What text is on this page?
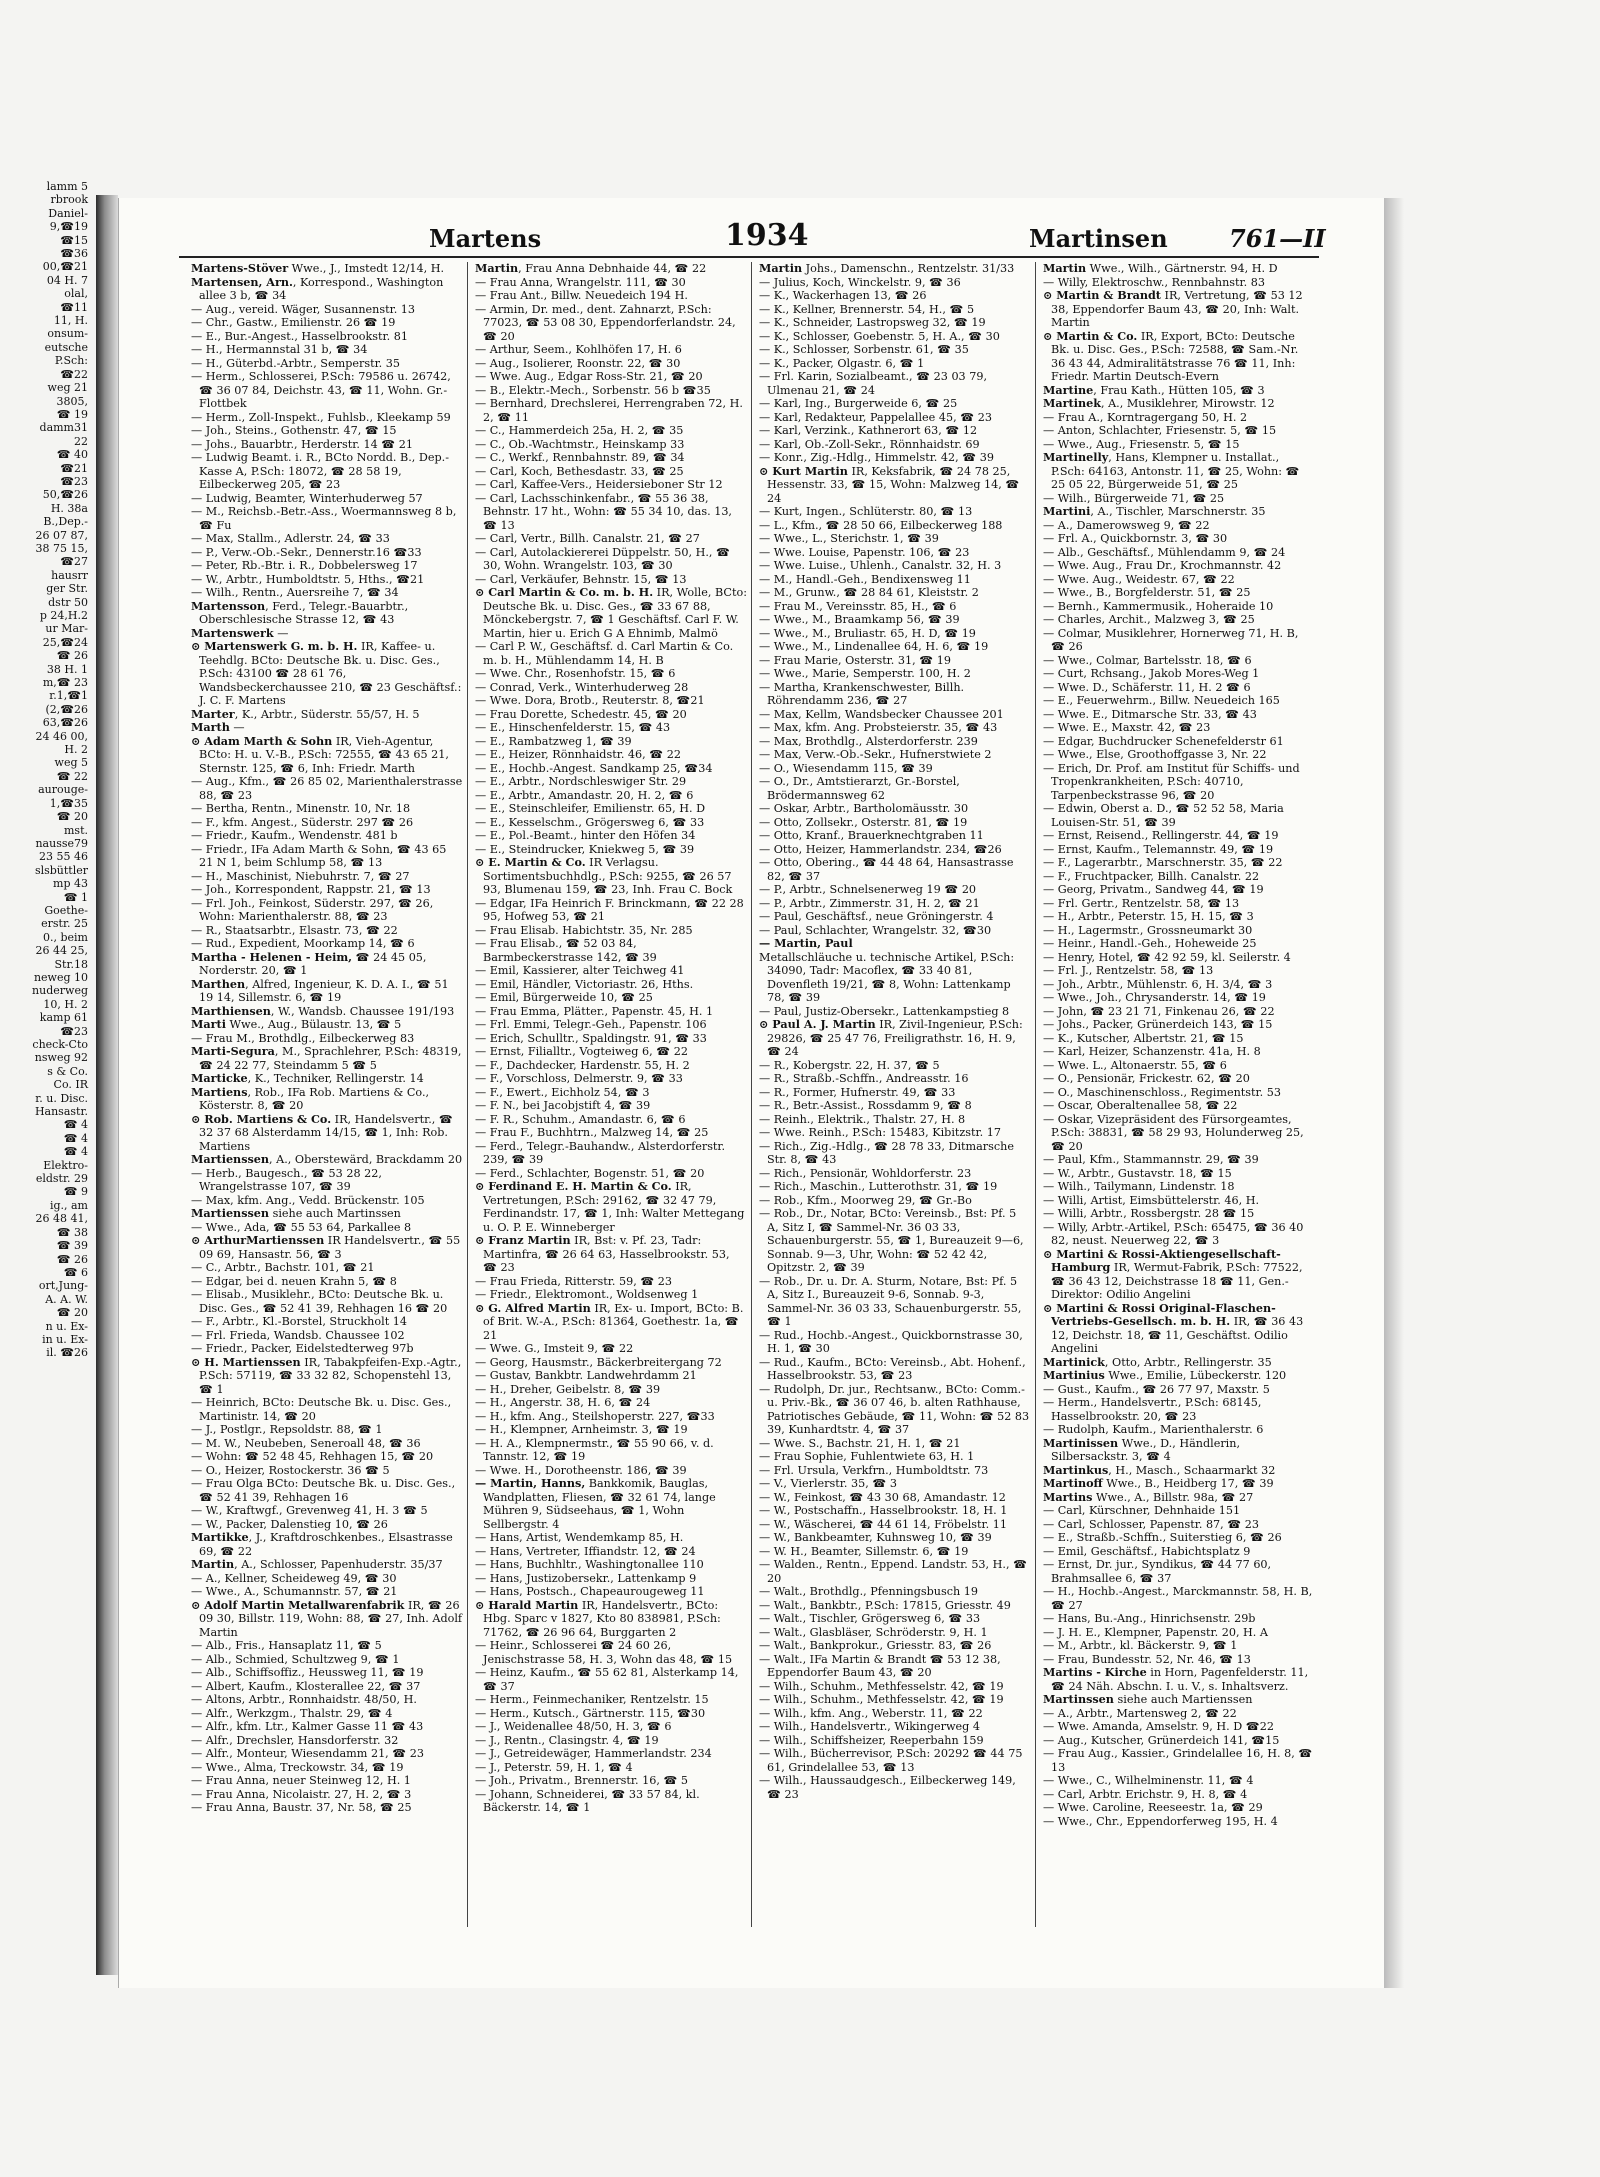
lamm 5
rbrook
Daniel-
9,☎19
☎15
☎36
00,☎21
04 H. 7
olal,
☎11
11, H.
onsum-
eutsche
P.Sch:
☎22
weg 21
3805,
☎ 19
damm31
22
☎ 40
☎21
☎23
50,☎26
H. 38a
B.,Dep.-
26 07 87,
38 75 15,
☎27
hausrr
ger Str.
dstr 50
p 24,H.2
ur Mar-
25,☎24
☎ 26
38 H. 1
m,☎ 23
r.1,☎1
(2,☎26
63,☎26
24 46 00,
H. 2
weg 5
☎ 22
aurouge-
1,☎35
☎ 20
mst.
nausse79
23 55 46
slsbüttler
mp 43
☎ 1
Goethe-
erstr. 25
0., beim
26 44 25,
Str.18
neweg 10
nuderweg
10, H. 2
kamp 61
☎23
check-Cto
nsweg 92
s & Co.
Co. IR
r. u. Disc.
Hansastr.
☎ 4
☎ 4
☎ 4
Elektro-
eldstr. 29
☎ 9
ig., am
26 48 41,
☎ 38
☎ 39
☎ 26
☎ 6
ort,Jung-
A. A. W.
☎ 20
n u. Ex-
in u. Ex-
il. ☎26
Martens	1934	Martinsen	761—II

Martens-Stöver Wwe., J., Imstedt 12/14, H.

Martensen, Arn., Korrespond., Washington allee 3 b, ☎ 34

— Aug., vereid. Wäger, Susannenstr. 13

— Chr., Gastw., Emilienstr. 26 ☎ 19

— E., Bur.-Angest., Hasselbrookstr. 81

— H., Hermannstal 31 b, ☎ 34

— H., Güterbd.-Arbtr., Semperstr. 35

— Herm., Schlosserei, P.Sch: 79586 u. 26742, ☎ 36 07 84, Deichstr. 43, ☎ 11, Wohn. Gr.-Flottbek

— Herm., Zoll-Inspekt., Fuhlsb., Kleekamp 59

— Joh., Steins., Gothenstr. 47, ☎ 15

— Johs., Bauarbtr., Herderstr. 14 ☎ 21

— Ludwig Beamt. i. R., BCto Nordd. B., Dep.-Kasse A, P.Sch: 18072, ☎ 28 58 19, Eilbeckerweg 205, ☎ 23

— Ludwig, Beamter, Winterhuderweg 57

— M., Reichsb.-Betr.-Ass., Woermannsweg 8 b, ☎ Fu

— Max, Stallm., Adlerstr. 24, ☎ 33

— P., Verw.-Ob.-Sekr., Dennerstr.16 ☎33

— Peter, Rb.-Btr. i. R., Dobbelersweg 17

— W., Arbtr., Humboldtstr. 5, Hths., ☎21

— Wilh., Rentn., Auersreihe 7, ☎ 34

Martensson, Ferd., Telegr.-Bauarbtr., Oberschlesische Strasse 12, ☎ 43

Martenswerk —

⊙ Martenswerk G. m. b. H. IR, Kaffee- u. Teehdlg. BCto: Deutsche Bk. u. Disc. Ges., P.Sch: 43100 ☎ 28 61 76, Wandsbeckerchaussee 210, ☎ 23 Geschäftsf.: J. C. F. Martens

Marter, K., Arbtr., Süderstr. 55/57, H. 5

Marth —

⊙ Adam Marth & Sohn IR, Vieh-Agentur, BCto: H. u. V.-B., P.Sch: 72555, ☎ 43 65 21, Sternstr. 125, ☎ 6, Inh: Friedr. Marth

— Aug., Kfm., ☎ 26 85 02, Marienthalerstrasse 88, ☎ 23

— Bertha, Rentn., Minenstr. 10, Nr. 18

— F., kfm. Angest., Süderstr. 297 ☎ 26

— Friedr., Kaufm., Wendenstr. 481 b

— Friedr., IFa Adam Marth & Sohn, ☎ 43 65 21 N 1, beim Schlump 58, ☎ 13

— H., Maschinist, Niebuhrstr. 7, ☎ 27

— Joh., Korrespondent, Rappstr. 21, ☎ 13

— Frl. Joh., Feinkost, Süderstr. 297, ☎ 26, Wohn: Marienthalerstr. 88, ☎ 23

— R., Staatsarbtr., Elsastr. 73, ☎ 22

— Rud., Expedient, Moorkamp 14, ☎ 6

Martha - Helenen - Heim, ☎ 24 45 05, Norderstr. 20, ☎ 1

Marthen, Alfred, Ingenieur, K. D. A. I., ☎ 51 19 14, Sillemstr. 6, ☎ 19

Marthiensen, W., Wandsb. Chaussee 191/193

Marti Wwe., Aug., Bülaustr. 13, ☎ 5

— Frau M., Brothdlg., Eilbeckerweg 83

Marti-Segura, M., Sprachlehrer, P.Sch: 48319, ☎ 24 22 77, Steindamm 5 ☎ 5

Marticke, K., Techniker, Rellingerstr. 14

Martiens, Rob., IFa Rob. Martiens & Co., Kösterstr. 8, ☎ 20

⊙ Rob. Martiens & Co. IR, Handelsvertr., ☎ 32 37 68 Alsterdamm 14/15, ☎ 1, Inh: Rob. Martiens

Martienssen, A., Oberstewärd, Brackdamm 20

— Herb., Baugesch., ☎ 53 28 22, Wrangelstrasse 107, ☎ 39

— Max, kfm. Ang., Vedd. Brückenstr. 105

Martienssen siehe auch Martinssen

— Wwe., Ada, ☎ 55 53 64, Parkallee 8

⊙ ArthurMartienssen IR Handelsvertr., ☎ 55 09 69, Hansastr. 56, ☎ 3

— C., Arbtr., Bachstr. 101, ☎ 21

— Edgar, bei d. neuen Krahn 5, ☎ 8

— Elisab., Musiklehr., BCto: Deutsche Bk. u. Disc. Ges., ☎ 52 41 39, Rehhagen 16 ☎ 20

— F., Arbtr., Kl.-Borstel, Struckholt 14

— Frl. Frieda, Wandsb. Chaussee 102

— Friedr., Packer, Eidelstedterweg 97b

⊙ H. Martienssen IR, Tabakpfeifen-Exp.-Agtr., P.Sch: 57119, ☎ 33 32 82, Schopenstehl 13, ☎ 1

— Heinrich, BCto: Deutsche Bk. u. Disc. Ges., Martinistr. 14, ☎ 20

— J., Postlgr., Repsoldstr. 88, ☎ 1

— M. W., Neubeben, Seneroall 48, ☎ 36

— Wohn: ☎ 52 48 45, Rehhagen 15, ☎ 20

— O., Heizer, Rostockerstr. 36 ☎ 5

— Frau Olga BCto: Deutsche Bk. u. Disc. Ges., ☎ 52 41 39, Rehhagen 16

— W., Kraftwgf., Grevenweg 41, H. 3 ☎ 5

— W., Packer, Dalenstieg 10, ☎ 26

Martikke, J., Kraftdroschkenbes., Elsastrasse 69, ☎ 22

Martin, A., Schlosser, Papenhuderstr. 35/37

— A., Kellner, Scheideweg 49, ☎ 30

— Wwe., A., Schumannstr. 57, ☎ 21

⊙ Adolf Martin Metallwarenfabrik IR, ☎ 26 09 30, Billstr. 119, Wohn: 88, ☎ 27, Inh. Adolf Martin

— Alb., Fris., Hansaplatz 11, ☎ 5

— Alb., Schmied, Schultzweg 9, ☎ 1

— Alb., Schiffsoffiz., Heussweg 11, ☎ 19

— Albert, Kaufm., Klosterallee 22, ☎ 37

— Altons, Arbtr., Ronnhaidstr. 48/50, H.

— Alfr., Werkzgm., Thalstr. 29, ☎ 4

— Alfr., kfm. Ltr., Kalmer Gasse 11 ☎ 43

— Alfr., Drechsler, Hansdorferstr. 32

— Alfr., Monteur, Wiesendamm 21, ☎ 23

— Wwe., Alma, Treckowstr. 34, ☎ 19

— Frau Anna, neuer Steinweg 12, H. 1

— Frau Anna, Nicolaistr. 27, H. 2, ☎ 3

— Frau Anna, Baustr. 37, Nr. 58, ☎ 25

Martin, Frau Anna Debnhaide 44, ☎ 22

— Frau Anna, Wrangelstr. 111, ☎ 30

— Frau Ant., Billw. Neuedeich 194 H.

— Armin, Dr. med., dent. Zahnarzt, P.Sch: 77023, ☎ 53 08 30, Eppendorferlandstr. 24, ☎ 20

— Arthur, Seem., Kohlhöfen 17, H. 6

— Aug., Isolierer, Roonstr. 22, ☎ 30

— Wwe. Aug., Edgar Ross-Str. 21, ☎ 20

— B., Elektr.-Mech., Sorbenstr. 56 b ☎35

— Bernhard, Drechslerei, Herrengraben 72, H. 2, ☎ 11

— C., Hammerdeich 25a, H. 2, ☎ 35

— C., Ob.-Wachtmstr., Heinskamp 33

— C., Werkf., Rennbahnstr. 89, ☎ 34

— Carl, Koch, Bethesdastr. 33, ☎ 25

— Carl, Kaffee-Vers., Heidersieboner Str 12

— Carl, Lachsschinkenfabr., ☎ 55 36 38, Behnstr. 17 ht., Wohn: ☎ 55 34 10, das. 13, ☎ 13

— Carl, Vertr., Billh. Canalstr. 21, ☎ 27

— Carl, Autolackiererei Düppelstr. 50, H., ☎ 30, Wohn. Wrangelstr. 103, ☎ 30

— Carl, Verkäufer, Behnstr. 15, ☎ 13

⊙ Carl Martin & Co. m. b. H. IR, Wolle, BCto: Deutsche Bk. u. Disc. Ges., ☎ 33 67 88, Mönckebergstr. 7, ☎ 1 Geschäftsf. Carl F. W. Martin, hier u. Erich G A Ehnimb, Malmö

— Carl P. W., Geschäftsf. d. Carl Martin & Co. m. b. H., Mühlendamm 14, H. B

— Wwe. Chr., Rosenhofstr. 15, ☎ 6

— Conrad, Verk., Winterhuderweg 28

— Wwe. Dora, Brotb., Reuterstr. 8, ☎21

— Frau Dorette, Schedestr. 45, ☎ 20

— E., Hinschenfelderstr. 15, ☎ 43

— E., Rambatzweg 1, ☎ 39

— E., Heizer, Rönnhaidstr. 46, ☎ 22

— E., Hochb.-Angest. Sandkamp 25, ☎34

— E., Arbtr., Nordschleswiger Str. 29

— E., Arbtr., Amandastr. 20, H. 2, ☎ 6

— E., Steinschleifer, Emilienstr. 65, H. D

— E., Kesselschm., Grögersweg 6, ☎ 33

— E., Pol.-Beamt., hinter den Höfen 34

— E., Steindrucker, Kniekweg 5, ☎ 39

⊙ E. Martin & Co. IR Verlagsu. Sortimentsbuchhdlg., P.Sch: 9255, ☎ 26 57 93, Blumenau 159, ☎ 23, Inh. Frau C. Bock

— Edgar, IFa Heinrich F. Brinckmann, ☎ 22 28 95, Hofweg 53, ☎ 21

— Frau Elisab. Habichtstr. 35, Nr. 285

— Frau Elisab., ☎ 52 03 84, Barmbeckerstrasse 142, ☎ 39

— Emil, Kassierer, alter Teichweg 41

— Emil, Händler, Victoriastr. 26, Hths.

— Emil, Bürgerweide 10, ☎ 25

— Frau Emma, Plätter., Papenstr. 45, H. 1

— Frl. Emmi, Telegr.-Geh., Papenstr. 106

— Erich, Schulltr., Spaldingstr. 91, ☎ 33

— Ernst, Filialltr., Vogteiweg 6, ☎ 22

— F., Dachdecker, Hardenstr. 55, H. 2

— F., Vorschloss, Delmerstr. 9, ☎ 33

— F., Ewert., Eichholz 54, ☎ 3

— F. N., bei Jacobjstift 4, ☎ 39

— F. R., Schuhm., Amandastr. 6, ☎ 6

— Frau F., Buchhtrn., Malzweg 14, ☎ 25

— Ferd., Telegr.-Bauhandw., Alsterdorferstr. 239, ☎ 39

— Ferd., Schlachter, Bogenstr. 51, ☎ 20

⊙ Ferdinand E. H. Martin & Co. IR, Vertretungen, P.Sch: 29162, ☎ 32 47 79, Ferdinandstr. 17, ☎ 1, Inh: Walter Mettegang u. O. P. E. Winneberger

⊙ Franz Martin IR, Bst: v. Pf. 23, Tadr: Martinfra, ☎ 26 64 63, Hasselbrookstr. 53, ☎ 23

— Frau Frieda, Ritterstr. 59, ☎ 23

— Friedr., Elektromont., Woldsenweg 1

⊙ G. Alfred Martin IR, Ex- u. Import, BCto: B. of Brit. W.-A., P.Sch: 81364, Goethestr. 1a, ☎ 21

— Wwe. G., Imsteit 9, ☎ 22

— Georg, Hausmstr., Bäckerbreitergang 72

— Gustav, Bankbtr. Landwehrdamm 21

— H., Dreher, Geibelstr. 8, ☎ 39

— H., Angerstr. 38, H. 6, ☎ 24

— H., kfm. Ang., Steilshoperstr. 227, ☎33

— H., Klempner, Arnheimstr. 3, ☎ 19

— H. A., Klempnermstr., ☎ 55 90 66, v. d. Tannstr. 12, ☎ 19

— Wwe. H., Dorotheenstr. 186, ☎ 39

— Martin, Hanns, Bankkomik, Bauglas, Wandplatten, Fliesen, ☎ 32 61 74, lange Mühren 9, Südseehaus, ☎ 1, Wohn Sellbergstr. 4

— Hans, Artist, Wendemkamp 85, H.

— Hans, Vertreter, Iffiandstr. 12, ☎ 24

— Hans, Buchhltr., Washingtonallee 110

— Hans, Justizobersekr., Lattenkamp 9

— Hans, Postsch., Chapeaurougeweg 11

⊙ Harald Martin IR, Handelsvertr., BCto: Hbg. Sparc v 1827, Kto 80 838981, P.Sch: 71762, ☎ 26 96 64, Burggarten 2

— Heinr., Schlosserei ☎ 24 60 26, Jenischstrasse 58, H. 3, Wohn das 48, ☎ 15

— Heinz, Kaufm., ☎ 55 62 81, Alsterkamp 14, ☎ 37

— Herm., Feinmechaniker, Rentzelstr. 15

— Herm., Kutsch., Gärtnerstr. 115, ☎30

— J., Weidenallee 48/50, H. 3, ☎ 6

— J., Rentn., Clasingstr. 4, ☎ 19

— J., Getreidewäger, Hammerlandstr. 234

— J., Peterstr. 59, H. 1, ☎ 4

— Joh., Privatm., Brennerstr. 16, ☎ 5

— Johann, Schneiderei, ☎ 33 57 84, kl. Bäckerstr. 14, ☎ 1

Martin Johs., Damenschn., Rentzelstr. 31/33

— Julius, Koch, Winckelstr. 9, ☎ 36

— K., Wackerhagen 13, ☎ 26

— K., Kellner, Brennerstr. 54, H., ☎ 5

— K., Schneider, Lastropsweg 32, ☎ 19

— K., Schlosser, Goebenstr. 5, H. A., ☎ 30

— K., Schlosser, Sorbenstr. 61, ☎ 35

— K., Packer, Olgastr. 6, ☎ 1

— Frl. Karin, Sozialbeamt., ☎ 23 03 79, Ulmenau 21, ☎ 24

— Karl, Ing., Burgerweide 6, ☎ 25

— Karl, Redakteur, Pappelallee 45, ☎ 23

— Karl, Verzink., Kathnerort 63, ☎ 12

— Karl, Ob.-Zoll-Sekr., Rönnhaidstr. 69

— Konr., Zig.-Hdlg., Himmelstr. 42, ☎ 39

⊙ Kurt Martin IR, Keksfabrik, ☎ 24 78 25, Hessenstr. 33, ☎ 15, Wohn: Malzweg 14, ☎ 24

— Kurt, Ingen., Schlüterstr. 80, ☎ 13

— L., Kfm., ☎ 28 50 66, Eilbeckerweg 188

— Wwe., L., Sterichstr. 1, ☎ 39

— Wwe. Louise, Papenstr. 106, ☎ 23

— Wwe. Luise., Uhlenh., Canalstr. 32, H. 3

— M., Handl.-Geh., Bendixensweg 11

— M., Grunw., ☎ 28 84 61, Kleiststr. 2

— Frau M., Vereinsstr. 85, H., ☎ 6

— Wwe., M., Braamkamp 56, ☎ 39

— Wwe., M., Bruliastr. 65, H. D, ☎ 19

— Wwe., M., Lindenallee 64, H. 6, ☎ 19

— Frau Marie, Osterstr. 31, ☎ 19

— Wwe., Marie, Semperstr. 100, H. 2

— Martha, Krankenschwester, Billh. Röhrendamm 236, ☎ 27

— Max, Kellm, Wandsbecker Chaussee 201

— Max, kfm. Ang. Probsteierstr. 35, ☎ 43

— Max, Brothdlg., Alsterdorferstr. 239

— Max, Verw.-Ob.-Sekr., Hufnerstwiete 2

— O., Wiesendamm 115, ☎ 39

— O., Dr., Amtstierarzt, Gr.-Borstel, Brödermannsweg 62

— Oskar, Arbtr., Bartholomäusstr. 30

— Otto, Zollsekr., Osterstr. 81, ☎ 19

— Otto, Kranf., Brauerknechtgraben 11

— Otto, Heizer, Hammerlandstr. 234, ☎26

— Otto, Obering., ☎ 44 48 64, Hansastrasse 82, ☎ 37

— P., Arbtr., Schnelsenerweg 19 ☎ 20

— P., Arbtr., Zimmerstr. 31, H. 2, ☎ 21

— Paul, Geschäftsf., neue Gröningerstr. 4

— Paul, Schlachter, Wrangelstr. 32, ☎30

— Martin, Paul

Metallschläuche u. technische Artikel, P.Sch: 34090, Tadr: Macoflex, ☎ 33 40 81, Dovenfleth 19/21, ☎ 8, Wohn: Lattenkamp 78, ☎ 39

— Paul, Justiz-Obersekr., Lattenkampstieg 8

⊙ Paul A. J. Martin IR, Zivil-Ingenieur, P.Sch: 29826, ☎ 25 47 76, Freiligrathstr. 16, H. 9, ☎ 24

— R., Kobergstr. 22, H. 37, ☎ 5

— R., Straßb.-Schffn., Andreasstr. 16

— R., Former, Hufnerstr. 49, ☎ 33

— R., Betr.-Assist., Rossdamm 9, ☎ 8

— Reinh., Elektrik., Thalstr. 27, H. 8

— Wwe. Reinh., P.Sch: 15483, Kibitzstr. 17

— Rich., Zig.-Hdlg., ☎ 28 78 33, Ditmarsche Str. 8, ☎ 43

— Rich., Pensionär, Wohldorferstr. 23

— Rich., Maschin., Lutterothstr. 31, ☎ 19

— Rob., Kfm., Moorweg 29, ☎ Gr.-Bo

— Rob., Dr., Notar, BCto: Vereinsb., Bst: Pf. 5 A, Sitz I, ☎ Sammel-Nr. 36 03 33, Schauenburgerstr. 55, ☎ 1, Bureauzeit 9—6, Sonnab. 9—3, Uhr, Wohn: ☎ 52 42 42, Opitzstr. 2, ☎ 39

— Rob., Dr. u. Dr. A. Sturm, Notare, Bst: Pf. 5 A, Sitz I., Bureauzeit 9-6, Sonnab. 9-3, Sammel-Nr. 36 03 33, Schauenburgerstr. 55, ☎ 1

— Rud., Hochb.-Angest., Quickbornstrasse 30, H. 1, ☎ 30

— Rud., Kaufm., BCto: Vereinsb., Abt. Hohenf., Hasselbrookstr. 53, ☎ 23

— Rudolph, Dr. jur., Rechtsanw., BCto: Comm.- u. Priv.-Bk., ☎ 36 07 46, b. alten Rathhause, Patriotisches Gebäude, ☎ 11, Wohn: ☎ 52 83 39, Kunhardtstr. 4, ☎ 37

— Wwe. S., Bachstr. 21, H. 1, ☎ 21

— Frau Sophie, Fuhlentwiete 63, H. 1

— Frl. Ursula, Verkfrn., Humboldtstr. 73

— V., Vierlerstr. 35, ☎ 3

— W., Feinkost, ☎ 43 30 68, Amandastr. 12

— W., Postschaffn., Hasselbrookstr. 18, H. 1

— W., Wäscherei, ☎ 44 61 14, Fröbelstr. 11

— W., Bankbeamter, Kuhnsweg 10, ☎ 39

— W. H., Beamter, Sillemstr. 6, ☎ 19

— Walden., Rentn., Eppend. Landstr. 53, H., ☎ 20

— Walt., Brothdlg., Pfenningsbusch 19

— Walt., Bankbtr., P.Sch: 17815, Griesstr. 49

— Walt., Tischler, Grögersweg 6, ☎ 33

— Walt., Glasbläser, Schröderstr. 9, H. 1

— Walt., Bankprokur., Griesstr. 83, ☎ 26

— Walt., IFa Martin & Brandt ☎ 53 12 38, Eppendorfer Baum 43, ☎ 20

— Wilh., Schuhm., Methfesselstr. 42, ☎ 19

— Wilh., Schuhm., Methfesselstr. 42, ☎ 19

— Wilh., kfm. Ang., Weberstr. 11, ☎ 22

— Wilh., Handelsvertr., Wikingerweg 4

— Wilh., Schiffsheizer, Reeperbahn 159

— Wilh., Bücherrevisor, P.Sch: 20292 ☎ 44 75 61, Grindelallee 53, ☎ 13

— Wilh., Haussaudgesch., Eilbeckerweg 149, ☎ 23

Martin Wwe., Wilh., Gärtnerstr. 94, H. D

— Willy, Elektroschw., Rennbahnstr. 83

⊙ Martin & Brandt IR, Vertretung, ☎ 53 12 38, Eppendorfer Baum 43, ☎ 20, Inh: Walt. Martin

⊙ Martin & Co. IR, Export, BCto: Deutsche Bk. u. Disc. Ges., P.Sch: 72588, ☎ Sam.-Nr. 36 43 44, Admiralitätstrasse 76 ☎ 11, Inh: Friedr. Martin Deutsch-Evern

Martine, Frau Kath., Hütten 105, ☎ 3

Martinek, A., Musiklehrer, Mirowstr. 12

— Frau A., Korntragergang 50, H. 2

— Anton, Schlachter, Friesenstr. 5, ☎ 15

— Wwe., Aug., Friesenstr. 5, ☎ 15

Martinelly, Hans, Klempner u. Installat., P.Sch: 64163, Antonstr. 11, ☎ 25, Wohn: ☎ 25 05 22, Bürgerweide 51, ☎ 25

— Wilh., Bürgerweide 71, ☎ 25

Martini, A., Tischler, Marschnerstr. 35

— A., Damerowsweg 9, ☎ 22

— Frl. A., Quickbornstr. 3, ☎ 30

— Alb., Geschäftsf., Mühlendamm 9, ☎ 24

— Wwe. Aug., Frau Dr., Krochmannstr. 42

— Wwe. Aug., Weidestr. 67, ☎ 22

— Wwe., B., Borgfelderstr. 51, ☎ 25

— Bernh., Kammermusik., Hoheraide 10

— Charles, Archit., Malzweg 3, ☎ 25

— Colmar, Musiklehrer, Hornerweg 71, H. B, ☎ 26

— Wwe., Colmar, Bartelsstr. 18, ☎ 6

— Curt, Rchsang., Jakob Mores-Weg 1

— Wwe. D., Schäferstr. 11, H. 2 ☎ 6

— E., Feuerwehrm., Billw. Neuedeich 165

— Wwe. E., Ditmarsche Str. 33, ☎ 43

— Wwe. E., Maxstr. 42, ☎ 23

— Edgar, Buchdrucker Schenefelderstr 61

— Wwe., Else, Groothoffgasse 3, Nr. 22

— Erich, Dr. Prof. am Institut für Schiffs- und Tropenkrankheiten, P.Sch: 40710, Tarpenbeckstrasse 96, ☎ 20

— Edwin, Oberst a. D., ☎ 52 52 58, Maria Louisen-Str. 51, ☎ 39

— Ernst, Reisend., Rellingerstr. 44, ☎ 19

— Ernst, Kaufm., Telemannstr. 49, ☎ 19

— F., Lagerarbtr., Marschnerstr. 35, ☎ 22

— F., Fruchtpacker, Billh. Canalstr. 22

— Georg, Privatm., Sandweg 44, ☎ 19

— Frl. Gertr., Rentzelstr. 58, ☎ 13

— H., Arbtr., Peterstr. 15, H. 15, ☎ 3

— H., Lagermstr., Grossneumarkt 30

— Heinr., Handl.-Geh., Hoheweide 25

— Henry, Hotel, ☎ 42 92 59, kl. Seilerstr. 4

— Frl. J., Rentzelstr. 58, ☎ 13

— Joh., Arbtr., Mühlenstr. 6, H. 3/4, ☎ 3

— Wwe., Joh., Chrysanderstr. 14, ☎ 19

— John, ☎ 23 21 71, Finkenau 26, ☎ 22

— Johs., Packer, Grünerdeich 143, ☎ 15

— K., Kutscher, Albertstr. 21, ☎ 15

— Karl, Heizer, Schanzenstr. 41a, H. 8

— Wwe. L., Altonaerstr. 55, ☎ 6

— O., Pensionär, Frickestr. 62, ☎ 20

— O., Maschinenschloss., Regimentstr. 53

— Oscar, Oberaltenallee 58, ☎ 22

— Oskar, Vizepräsident des Fürsorgeamtes, P.Sch: 38831, ☎ 58 29 93, Holunderweg 25, ☎ 20

— Paul, Kfm., Stammannstr. 29, ☎ 39

— W., Arbtr., Gustavstr. 18, ☎ 15

— Wilh., Tailymann, Lindenstr. 18

— Willi, Artist, Eimsbüttelerstr. 46, H.

— Willi, Arbtr., Rossbergstr. 28 ☎ 15

— Willy, Arbtr.-Artikel, P.Sch: 65475, ☎ 36 40 82, neust. Neuerweg 22, ☎ 3

⊙ Martini & Rossi-Aktiengesellschaft-Hamburg IR, Wermut-Fabrik, P.Sch: 77522, ☎ 36 43 12, Deichstrasse 18 ☎ 11, Gen.-Direktor: Odilio Angelini

⊙ Martini & Rossi Original-Flaschen-Vertriebs-Gesellsch. m. b. H. IR, ☎ 36 43 12, Deichstr. 18, ☎ 11, Geschäftst. Odilio Angelini

Martinick, Otto, Arbtr., Rellingerstr. 35

Martinius Wwe., Emilie, Lübeckerstr. 120

— Gust., Kaufm., ☎ 26 77 97, Maxstr. 5

— Herm., Handelsvertr., P.Sch: 68145, Hasselbrookstr. 20, ☎ 23

— Rudolph, Kaufm., Marienthalerstr. 6

Martinissen Wwe., D., Händlerin, Silbersackstr. 3, ☎ 4

Martinkus, H., Masch., Schaarmarkt 32

Martinoff Wwe., B., Heidberg 17, ☎ 39

Martins Wwe., A., Billstr. 98a, ☎ 27

— Carl, Kürschner, Dehnhaide 151

— Carl, Schlosser, Papenstr. 87, ☎ 23

— E., Straßb.-Schffn., Suiterstieg 6, ☎ 26

— Emil, Geschäftsf., Habichtsplatz 9

— Ernst, Dr. jur., Syndikus, ☎ 44 77 60, Brahmsallee 6, ☎ 37

— H., Hochb.-Angest., Marckmannstr. 58, H. B, ☎ 27

— Hans, Bu.-Ang., Hinrichsenstr. 29b

— J. H. E., Klempner, Papenstr. 20, H. A

— M., Arbtr., kl. Bäckerstr. 9, ☎ 1

— Frau, Bundesstr. 52, Nr. 46, ☎ 13

Martins - Kirche in Horn, Pagenfelderstr. 11, ☎ 24 Näh. Abschn. I. u. V., s. Inhaltsverz.

Martinssen siehe auch Martienssen

— A., Arbtr., Martensweg 2, ☎ 22

— Wwe. Amanda, Amselstr. 9, H. D ☎22

— Aug., Kutscher, Grünerdeich 141, ☎15

— Frau Aug., Kassier., Grindelallee 16, H. 8, ☎ 13

— Wwe., C., Wilhelminenstr. 11, ☎ 4

— Carl, Arbtr. Erichstr. 9, H. 8, ☎ 4

— Wwe. Caroline, Reeseestr. 1a, ☎ 29

— Wwe., Chr., Eppendorferweg 195, H. 4
